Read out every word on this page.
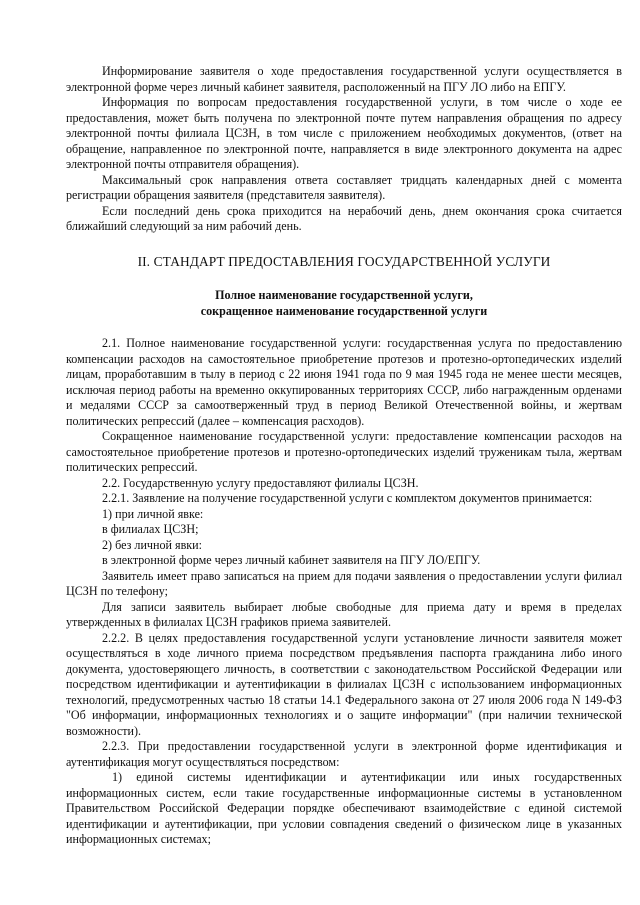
Информирование заявителя о ходе предоставления государственной услуги осуществляется в электронной форме через личный кабинет заявителя, расположенный на ПГУ ЛО либо на ЕПГУ.

Информация по вопросам предоставления государственной услуги, в том числе о ходе ее предоставления, может быть получена по электронной почте путем направления обращения по адресу электронной почты филиала ЦСЗН, в том числе с приложением необходимых документов, (ответ на обращение, направленное по электронной почте, направляется в виде электронного документа на адрес электронной почты отправителя обращения).

Максимальный срок направления ответа составляет тридцать календарных дней с момента регистрации обращения заявителя (представителя заявителя).

Если последний день срока приходится на нерабочий день, днем окончания срока считается ближайший следующий за ним рабочий день.

II. СТАНДАРТ ПРЕДОСТАВЛЕНИЯ ГОСУДАРСТВЕННОЙ УСЛУГИ

Полное наименование государственной услуги,

сокращенное наименование государственной услуги

2.1. Полное наименование государственной услуги: государственная услуга по предоставлению компенсации расходов на самостоятельное приобретение протезов и протезно-ортопедических изделий лицам, проработавшим в тылу в период с 22 июня 1941 года по 9 мая 1945 года не менее шести месяцев, исключая период работы на временно оккупированных территориях СССР, либо награжденным орденами и медалями СССР за самоотверженный труд в период Великой Отечественной войны, и жертвам политических репрессий (далее – компенсация расходов).

Сокращенное наименование государственной услуги: предоставление компенсации расходов на самостоятельное приобретение протезов и протезно-ортопедических изделий труженикам тыла, жертвам политических репрессий.

2.2. Государственную услугу предоставляют филиалы ЦСЗН.

2.2.1. Заявление на получение государственной услуги с комплектом документов принимается:

1) при личной явке:

в филиалах ЦСЗН;

2) без личной явки:

в электронной форме через личный кабинет заявителя на ПГУ ЛО/ЕПГУ.

Заявитель имеет право записаться на прием для подачи заявления о предоставлении услуги филиал ЦСЗН по телефону;

Для записи заявитель выбирает любые свободные для приема дату и время в пределах утвержденных в филиалах ЦСЗН графиков приема заявителей.

2.2.2. В целях предоставления государственной услуги установление личности заявителя может осуществляться в ходе личного приема посредством предъявления паспорта гражданина либо иного документа, удостоверяющего личность, в соответствии с законодательством Российской Федерации или посредством идентификации и аутентификации в филиалах ЦСЗН с использованием информационных технологий, предусмотренных частью 18 статьи 14.1 Федерального закона от 27 июля 2006 года N 149-ФЗ "Об информации, информационных технологиях и о защите информации" (при наличии технической возможности).

2.2.3. При предоставлении государственной услуги в электронной форме идентификация и аутентификация могут осуществляться посредством:

1) единой системы идентификации и аутентификации или иных государственных информационных систем, если такие государственные информационные системы в установленном Правительством Российской Федерации порядке обеспечивают взаимодействие с единой системой идентификации и аутентификации, при условии совпадения сведений о физическом лице в указанных информационных системах;
